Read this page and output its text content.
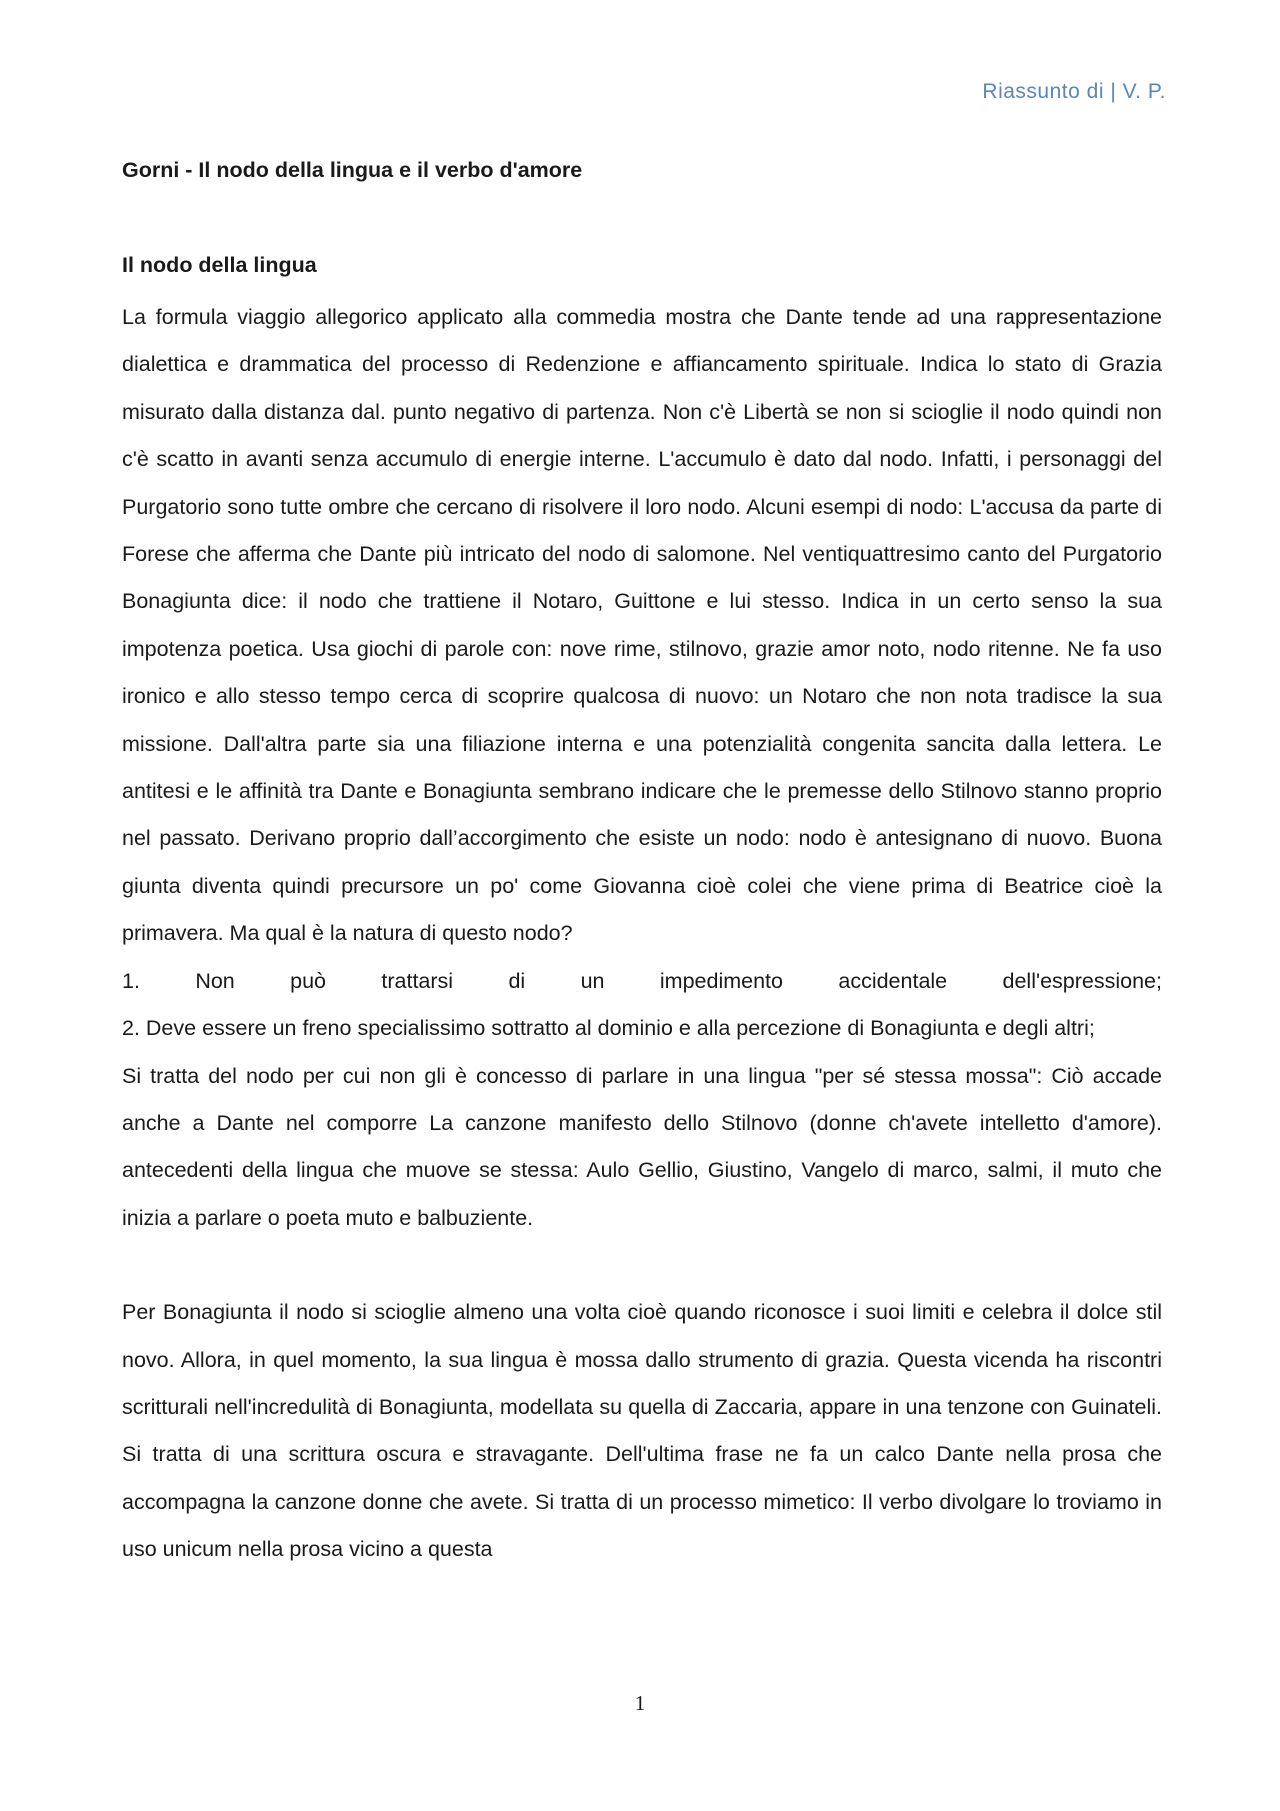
Riassunto di | V. P.
Gorni - Il nodo della lingua e il verbo d'amore
Il nodo della lingua

La formula viaggio allegorico applicato alla commedia mostra che Dante tende ad una rappresentazione dialettica e drammatica del processo di Redenzione e affiancamento spirituale. Indica lo stato di Grazia misurato dalla distanza dal. punto negativo di partenza. Non c'è Libertà se non si scioglie il nodo quindi non c'è scatto in avanti senza accumulo di energie interne. L'accumulo è dato dal nodo. Infatti, i personaggi del Purgatorio sono tutte ombre che cercano di risolvere il loro nodo. Alcuni esempi di nodo: L'accusa da parte di Forese che afferma che Dante più intricato del nodo di salomone. Nel ventiquattresimo canto del Purgatorio Bonagiunta dice: il nodo che trattiene il Notaro, Guittone e lui stesso. Indica in un certo senso la sua impotenza poetica. Usa giochi di parole con: nove rime, stilnovo, grazie amor noto, nodo ritenne. Ne fa uso ironico e allo stesso tempo cerca di scoprire qualcosa di nuovo: un Notaro che non nota tradisce la sua missione. Dall'altra parte sia una filiazione interna e una potenzialità congenita sancita dalla lettera. Le antitesi e le affinità tra Dante e Bonagiunta sembrano indicare che le premesse dello Stilnovo stanno proprio nel passato. Derivano proprio dall’accorgimento che esiste un nodo: nodo è antesignano di nuovo. Buona giunta diventa quindi precursore un po' come Giovanna cioè colei che viene prima di Beatrice cioè la primavera. Ma qual è la natura di questo nodo?

1. Non può trattarsi di un impedimento accidentale dell'espressione;

2. Deve essere un freno specialissimo sottratto al dominio e alla percezione di Bonagiunta e degli altri;

Si tratta del nodo per cui non gli è concesso di parlare in una lingua "per sé stessa mossa": Ciò accade anche a Dante nel comporre La canzone manifesto dello Stilnovo (donne ch'avete intelletto d'amore). antecedenti della lingua che muove se stessa: Aulo Gellio, Giustino, Vangelo di marco, salmi, il muto che inizia a parlare o poeta muto e balbuziente.

Per Bonagiunta il nodo si scioglie almeno una volta cioè quando riconosce i suoi limiti e celebra il dolce stil novo. Allora, in quel momento, la sua lingua è mossa dallo strumento di grazia. Questa vicenda ha riscontri scritturali nell'incredulità di Bonagiunta, modellata su quella di Zaccaria, appare in una tenzone con Guinateli. Si tratta di una scrittura oscura e stravagante. Dell'ultima frase ne fa un calco Dante nella prosa che accompagna la canzone donne che avete. Si tratta di un processo mimetico: Il verbo divolgare lo troviamo in uso unicum nella prosa vicino a questa

1
